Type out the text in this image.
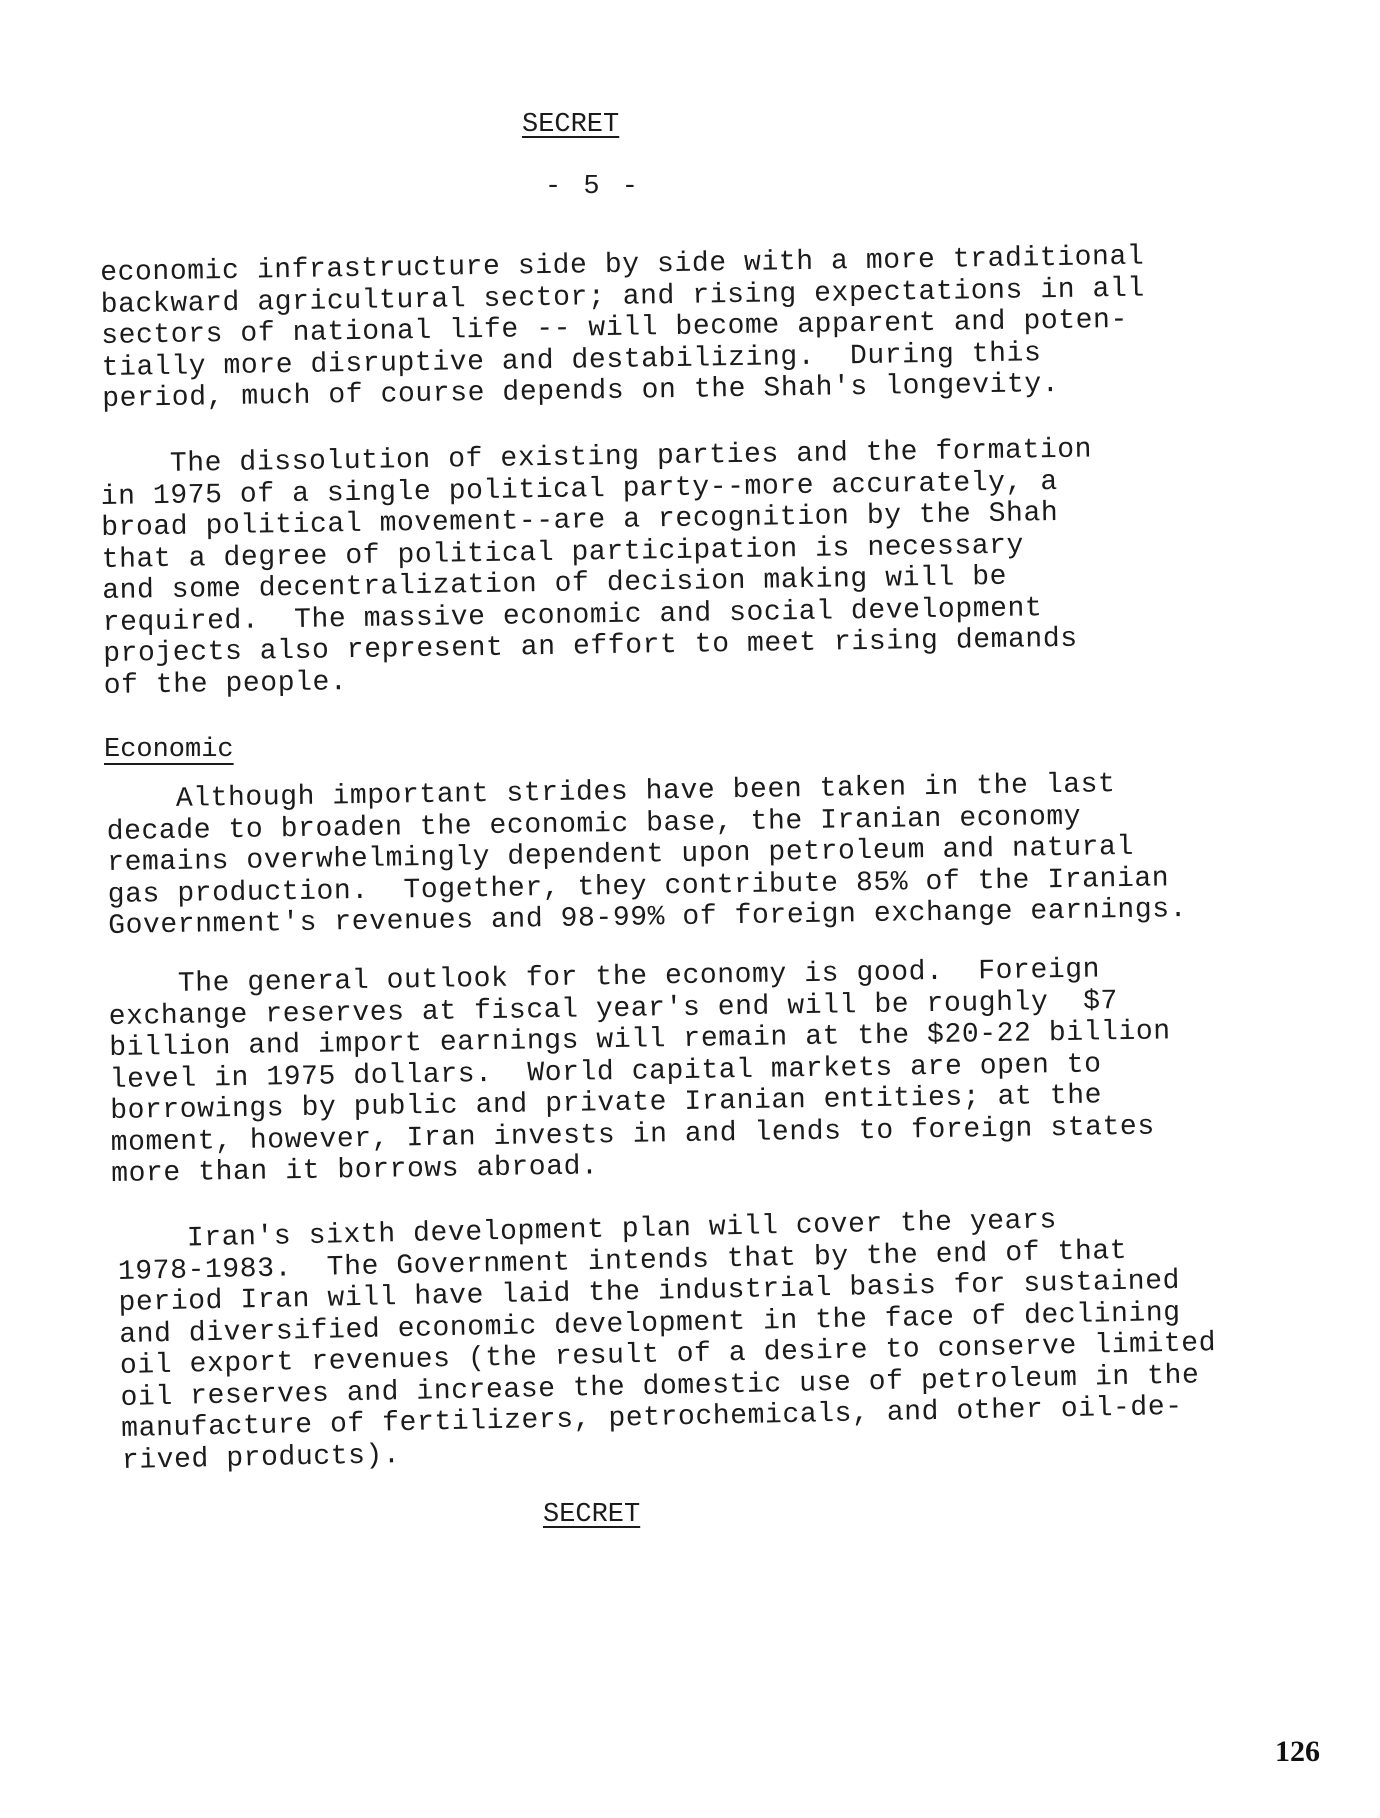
SECRET
- 5 -
economic infrastructure side by side with a more traditional
backward agricultural sector; and rising expectations in all
sectors of national life -- will become apparent and poten-
tially more disruptive and destabilizing.  During this
period, much of course depends on the Shah's longevity.
The dissolution of existing parties and the formation
in 1975 of a single political party--more accurately, a
broad political movement--are a recognition by the Shah
that a degree of political participation is necessary
and some decentralization of decision making will be
required.  The massive economic and social development
projects also represent an effort to meet rising demands
of the people.
Economic
Although important strides have been taken in the last
decade to broaden the economic base, the Iranian economy
remains overwhelmingly dependent upon petroleum and natural
gas production.  Together, they contribute 85% of the Iranian
Government's revenues and 98-99% of foreign exchange earnings.
The general outlook for the economy is good.  Foreign
exchange reserves at fiscal year's end will be roughly  $7
billion and import earnings will remain at the $20-22 billion
level in 1975 dollars.  World capital markets are open to
borrowings by public and private Iranian entities; at the
moment, however, Iran invests in and lends to foreign states
more than it borrows abroad.
Iran's sixth development plan will cover the years
1978-1983.  The Government intends that by the end of that
period Iran will have laid the industrial basis for sustained
and diversified economic development in the face of declining
oil export revenues (the result of a desire to conserve limited
oil reserves and increase the domestic use of petroleum in the
manufacture of fertilizers, petrochemicals, and other oil-de-
rived products).
SECRET
126
